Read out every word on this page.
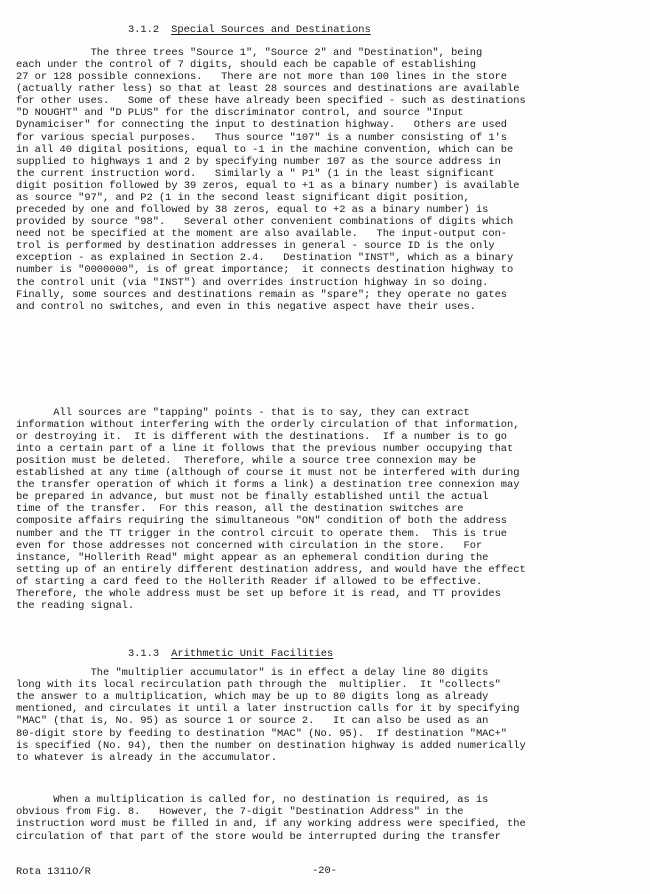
3.1.2 Special Sources and Destinations

The three trees "Source 1", "Source 2" and "Destination", being
each under the control of 7 digits, should each be capable of establishing
27 or 128 possible connexions.   There are not more than 100 lines in the store
(actually rather less) so that at least 28 sources and destinations are available
for other uses.   Some of these have already been specified - such as destinations
"D NOUGHT" and "D PLUS" for the discriminator control, and source "Input
Dynamiciser" for connecting the input to destination highway.   Others are used
for various special purposes.   Thus source "107" is a number consisting of 1's
in all 40 digital positions, equal to -1 in the machine convention, which can be
supplied to highways 1 and 2 by specifying number 107 as the source address in
the current instruction word.   Similarly a " P1" (1 in the least significant
digit position followed by 39 zeros, equal to +1 as a binary number) is available
as source "97", and P2 (1 in the second least significant digit position,
preceded by one and followed by 38 zeros, equal to +2 as a binary number) is
provided by source "98".   Several other convenient combinations of digits which
need not be specified at the moment are also available.   The input-output con-
trol is performed by destination addresses in general - source ID is the only
exception - as explained in Section 2.4.   Destination "INST", which as a binary
number is "0000000", is of great importance;  it connects destination highway to
the control unit (via "INST") and overrides instruction highway in so doing.
Finally, some sources and destinations remain as "spare"; they operate no gates
and control no switches, and even in this negative aspect have their uses.
All sources are "tapping" points - that is to say, they can extract
information without interfering with the orderly circulation of that information,
or destroying it.  It is different with the destinations.  If a number is to go
into a certain part of a line it follows that the previous number occupying that
position must be deleted.  Therefore, while a source tree connexion may be
established at any time (although of course it must not be interfered with during
the transfer operation of which it forms a link) a destination tree connexion may
be prepared in advance, but must not be finally established until the actual
time of the transfer.  For this reason, all the destination switches are
composite affairs requiring the simultaneous "ON" condition of both the address
number and the TT trigger in the control circuit to operate them.  This is true
even for those addresses not concerned with circulation in the store.   For
instance, "Hollerith Read" might appear as an ephemeral condition during the
setting up of an entirely different destination address, and would have the effect
of starting a card feed to the Hollerith Reader if allowed to be effective.
Therefore, the whole address must be set up before it is read, and TT provides
the reading signal.

3.1.3 Arithmetic Unit Facilities

The "multiplier accumulator" is in effect a delay line 80 digits
long with its local recirculation path through the  multiplier.  It "collects"
the answer to a multiplication, which may be up to 80 digits long as already
mentioned, and circulates it until a later instruction calls for it by specifying
"MAC" (that is, No. 95) as source 1 or source 2.   It can also be used as an
80-digit store by feeding to destination "MAC" (No. 95).  If destination "MAC+"
is specified (No. 94), then the number on destination highway is added numerically
to whatever is already in the accumulator.
When a multiplication is called for, no destination is required, as is
obvious from Fig. 8.   However, the 7-digit "Destination Address" in the
instruction word must be filled in and, if any working address were specified, the
circulation of that part of the store would be interrupted during the transfer
Rota 1311O/R	-20-
